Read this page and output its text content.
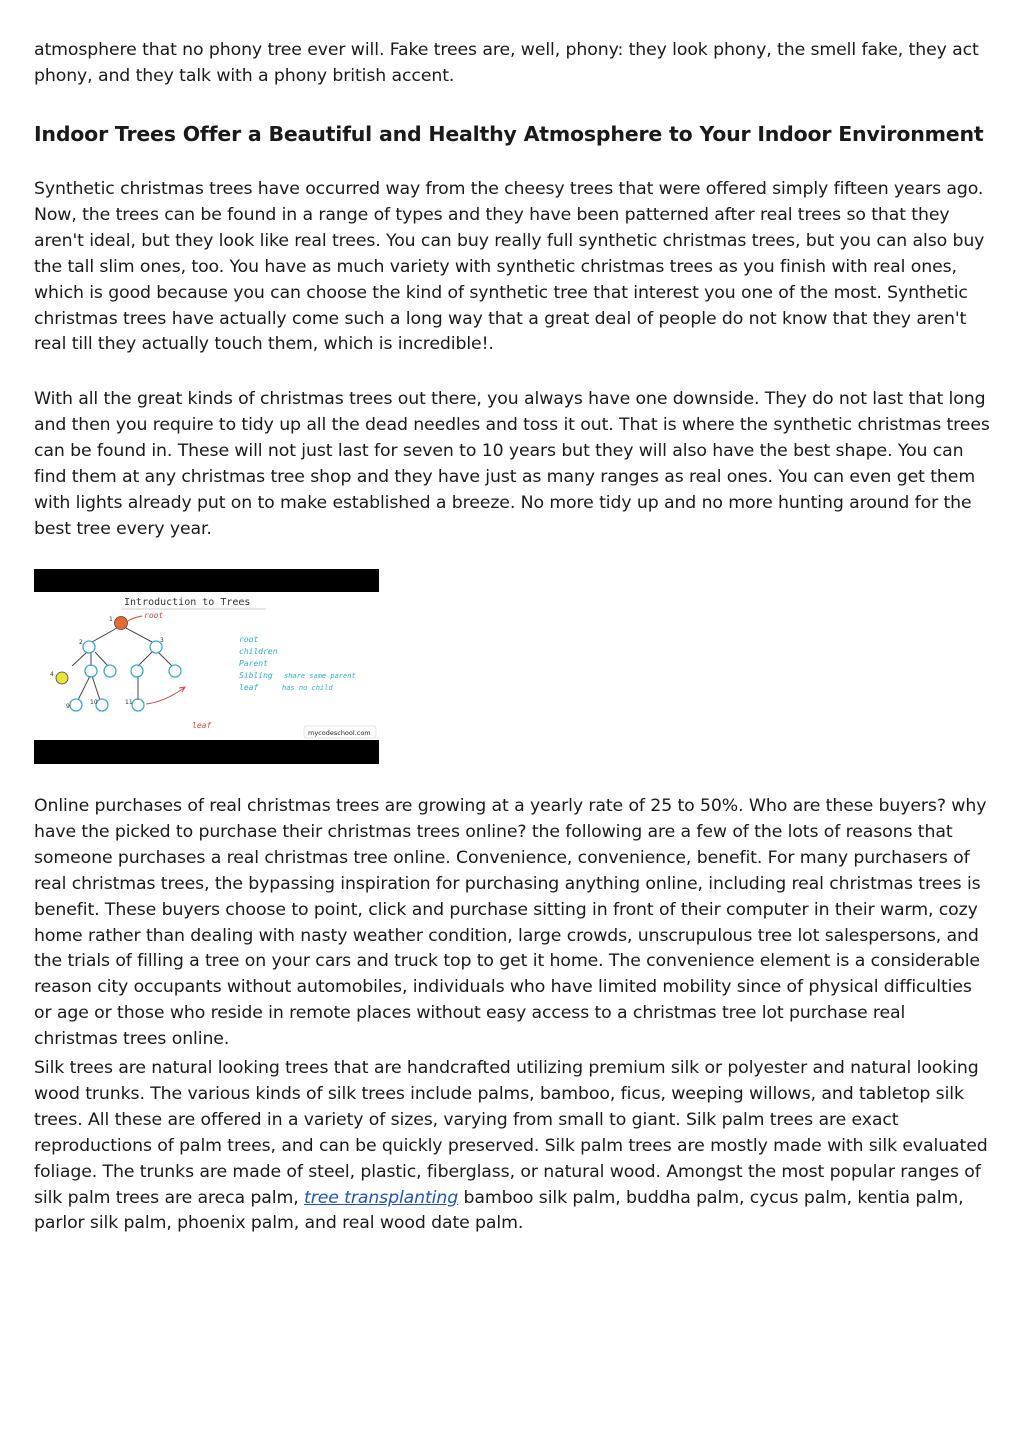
atmosphere that no phony tree ever will. Fake trees are, well, phony: they look phony, the smell fake, they act phony, and they talk with a phony british accent.

Indoor Trees Offer a Beautiful and Healthy Atmosphere to Your Indoor Environment

Synthetic christmas trees have occurred way from the cheesy trees that were offered simply fifteen years ago. Now, the trees can be found in a range of types and they have been patterned after real trees so that they aren't ideal, but they look like real trees. You can buy really full synthetic christmas trees, but you can also buy the tall slim ones, too. You have as much variety with synthetic christmas trees as you finish with real ones, which is good because you can choose the kind of synthetic tree that interest you one of the most. Synthetic christmas trees have actually come such a long way that a great deal of people do not know that they aren't real till they actually touch them, which is incredible!.

With all the great kinds of christmas trees out there, you always have one downside. They do not last that long and then you require to tidy up all the dead needles and toss it out. That is where the synthetic christmas trees can be found in. These will not just last for seven to 10 years but they will also have the best shape. You can find them at any christmas tree shop and they have just as many ranges as real ones. You can even get them with lights already put on to make established a breeze. No more tidy up and no more hunting around for the best tree every year.

Introduction to Trees
1
2	3
4
9
10	11
root
leaf
root
children
Parent
Sibling share same parent
leaf	has no child
mycodeschool.com

Online purchases of real christmas trees are growing at a yearly rate of 25 to 50%. Who are these buyers? why have the picked to purchase their christmas trees online? the following are a few of the lots of reasons that someone purchases a real christmas tree online. Convenience, convenience, benefit. For many purchasers of real christmas trees, the bypassing inspiration for purchasing anything online, including real christmas trees is benefit. These buyers choose to point, click and purchase sitting in front of their computer in their warm, cozy home rather than dealing with nasty weather condition, large crowds, unscrupulous tree lot salespersons, and the trials of filling a tree on your cars and truck top to get it home. The convenience element is a considerable reason city occupants without automobiles, individuals who have limited mobility since of physical difficulties or age or those who reside in remote places without easy access to a christmas tree lot purchase real christmas trees online.

Silk trees are natural looking trees that are handcrafted utilizing premium silk or polyester and natural looking wood trunks. The various kinds of silk trees include palms, bamboo, ficus, weeping willows, and tabletop silk trees. All these are offered in a variety of sizes, varying from small to giant. Silk palm trees are exact reproductions of palm trees, and can be quickly preserved. Silk palm trees are mostly made with silk evaluated foliage. The trunks are made of steel, plastic, fiberglass, or natural wood. Amongst the most popular ranges of silk palm trees are areca palm, tree transplanting bamboo silk palm, buddha palm, cycus palm, kentia palm, parlor silk palm, phoenix palm, and real wood date palm.
